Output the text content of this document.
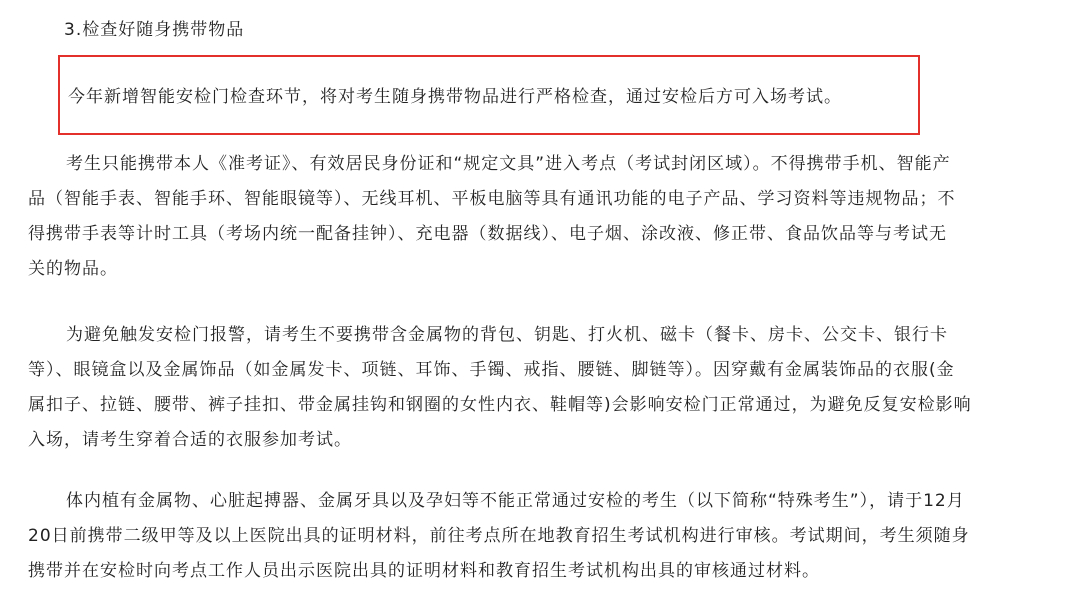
3.检查好随身携带物品

今年新增智能安检门检查环节，将对考生随身携带物品进行严格检查，通过安检后方可入场考试。

考生只能携带本人《准考证》、有效居民身份证和“规定文具”进入考点（考试封闭区域）。不得携带手机、智能产
品（智能手表、智能手环、智能眼镜等）、无线耳机、平板电脑等具有通讯功能的电子产品、学习资料等违规物品；不
得携带手表等计时工具（考场内统一配备挂钟）、充电器（数据线）、电子烟、涂改液、修正带、食品饮品等与考试无
关的物品。

为避免触发安检门报警，请考生不要携带含金属物的背包、钥匙、打火机、磁卡（餐卡、房卡、公交卡、银行卡
等）、眼镜盒以及金属饰品（如金属发卡、项链、耳饰、手镯、戒指、腰链、脚链等）。因穿戴有金属装饰品的衣服(金
属扣子、拉链、腰带、裤子挂扣、带金属挂钩和钢圈的女性内衣、鞋帽等)会影响安检门正常通过，为避免反复安检影响
入场，请考生穿着合适的衣服参加考试。

体内植有金属物、心脏起搏器、金属牙具以及孕妇等不能正常通过安检的考生（以下简称“特殊考生”），请于12月
20日前携带二级甲等及以上医院出具的证明材料，前往考点所在地教育招生考试机构进行审核。考试期间，考生须随身
携带并在安检时向考点工作人员出示医院出具的证明材料和教育招生考试机构出具的审核通过材料。
